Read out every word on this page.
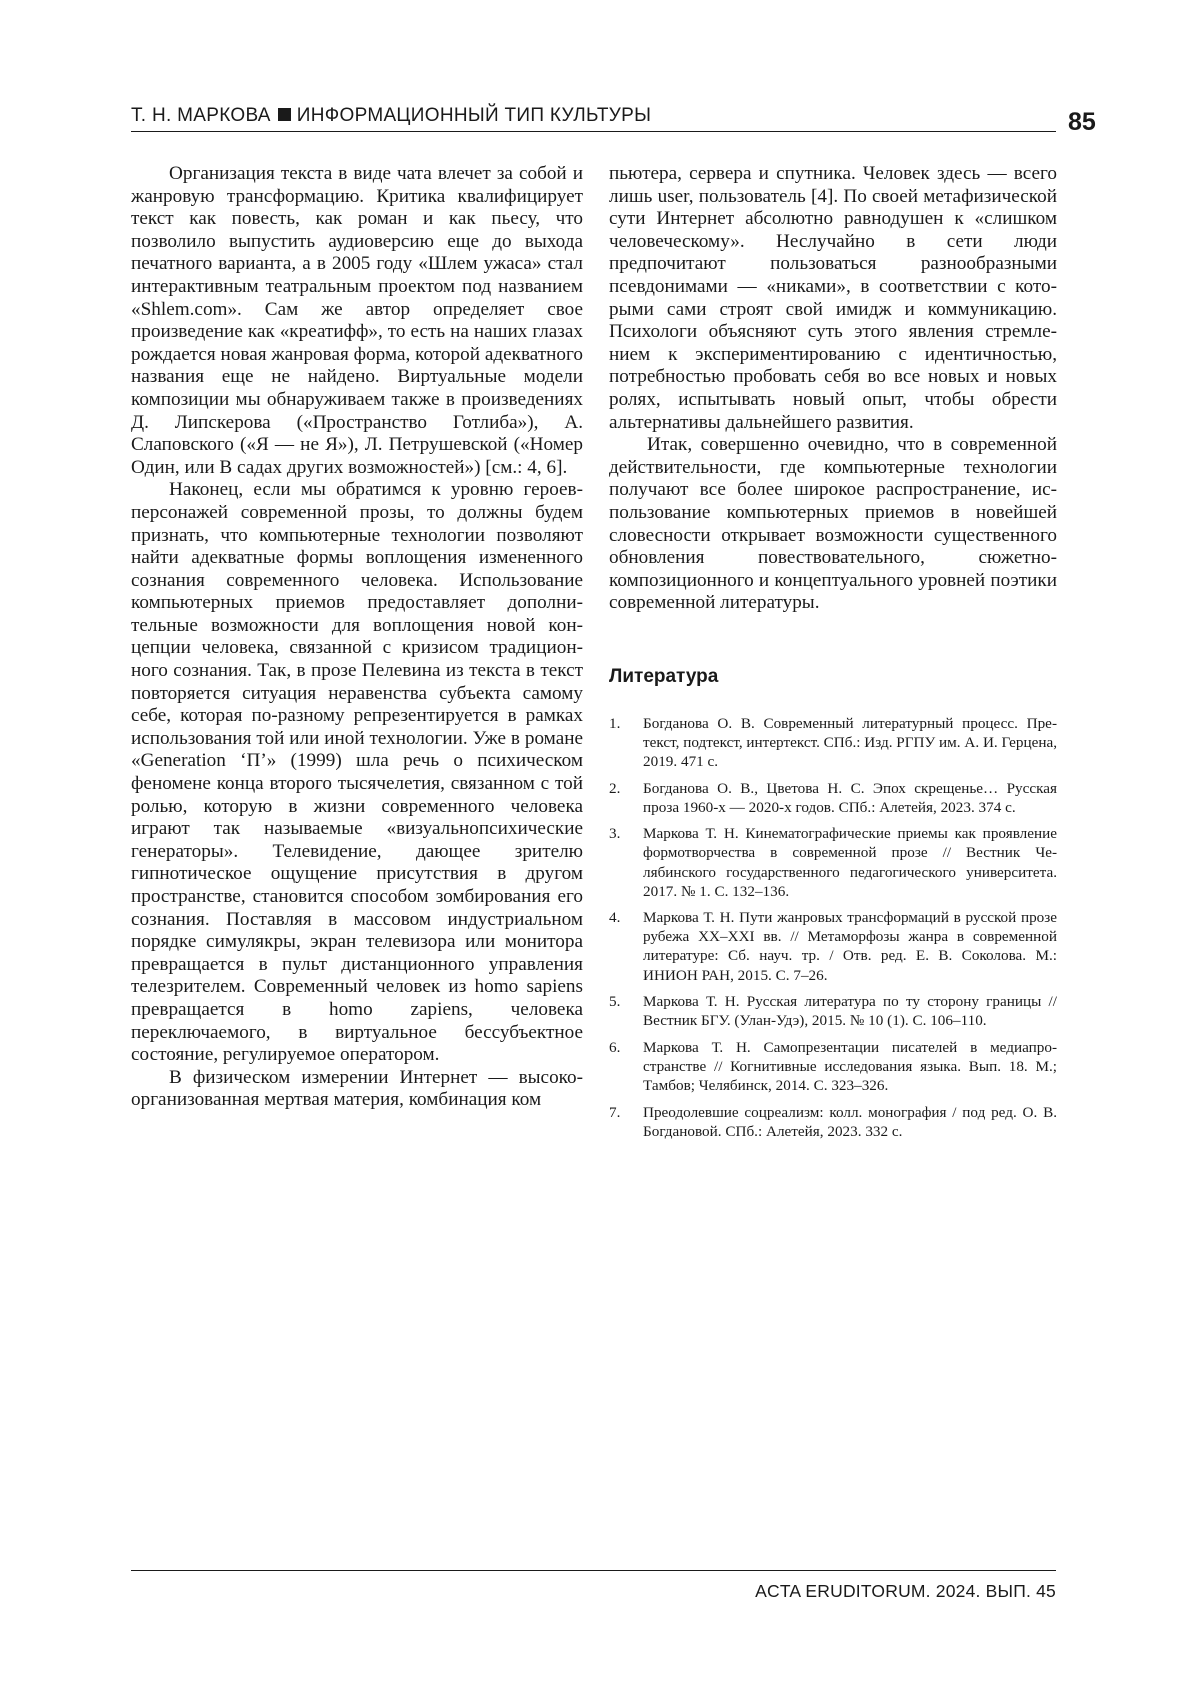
Т. Н. МАРКОВА ИНФОРМАЦИОННЫЙ ТИП КУЛЬТУРЫ	85

Организация текста в виде чата влечет за собой и жанровую трансформацию. Критика квалифици­рует текст как повесть, как роман и как пьесу, что позволило выпустить аудиоверсию еще до выхода печатного варианта, а в 2005 году «Шлем ужаса» стал интерактивным театральным проектом под названием «Shlem.com». Сам же автор определяет свое произведение как «креатифф», то есть на наших глазах рождается новая жанровая форма, которой адекватного названия еще не найдено. Виртуальные модели композиции мы обнаруживаем также в про­изведениях Д. Липскерова («Пространство Готлиба»), А. Слаповского («Я — не Я»), Л. Петрушевской («Номер Один, или В садах других возможностей») [см.: 4, 6].

Наконец, если мы обратимся к уровню героев­персонажей современной прозы, то должны будем признать, что компьютерные технологии позволяют найти адекватные формы воплощения измененного сознания современного человека. Использование компьютерных приемов предоставляет дополни­тельные возможности для воплощения новой кон­цепции человека, связанной с кризисом традицион­ного сознания. Так, в прозе Пелевина из текста в текст повторяется ситуация неравенства субъекта самому себе, которая по-разному репрезентируется в рамках использования той или иной технологии. Уже в романе «Generation ‘П’» (1999) шла речь о пси­хическом феномене конца второго тысячелетия, связанном с той ролью, которую в жизни современ­ного человека играют так называемые «визуально­психические генераторы». Телевидение, дающее зрителю гипнотическое ощущение присутствия в другом пространстве, становится способом зом­бирования его сознания. Поставляя в массовом индустриальном порядке симулякры, экран теле­визора или монитора превращается в пульт дистан­ционного управления телезрителем. Современный человек из homo sapiens превращается в homo zapiens, человека переключаемого, в виртуальное бессубъ­ектное состояние, регулируемое оператором.

В физическом измерении Интернет — высоко­организованная мертвая материя, комбинация ком­

пьютера, сервера и спутника. Человек здесь — все­го лишь user, пользователь [4]. По своей метафизи­ческой сути Интернет абсолютно равнодушен к «слишком человеческому». Неслучайно в сети люди предпочитают пользоваться разнообразными псевдонимами — «никами», в соответствии с кото­рыми сами строят свой имидж и коммуникацию. Психологи объясняют суть этого явления стремле­нием к экспериментированию с идентичностью, потребностью пробовать себя во все новых и новых ролях, испытывать новый опыт, чтобы обрести альтернативы дальнейшего развития.

Итак, совершенно очевидно, что в современной действительности, где компьютерные технологии получают все более широкое распространение, ис­пользование компьютерных приемов в новейшей словесности открывает возможности существенно­го обновления повествовательного, сюжетно­композиционного и концептуального уровней поэти­ки современной литературы.

Литература
1. Богданова О. В. Современный литературный процесс. Пре­текст, подтекст, интертекст. СПб.: Изд. РГПУ им. А. И. Гер­цена, 2019. 471 с.
2. Богданова О. В., Цветова Н. С. Эпох скрещенье… Русская проза 1960-х — 2020-х годов. СПб.: Алетейя, 2023. 374 с.
3. Маркова Т. Н. Кинематографические приемы как проявле­ние формотворчества в современной прозе // Вестник Че­лябинского государственного педагогического универси­тета. 2017. № 1. С. 132–136.
4. Маркова Т. Н. Пути жанровых трансформаций в русской прозе рубежа XX–XXI вв. // Метаморфозы жанра в совре­менной литературе: Сб. науч. тр. / Отв. ред. Е. В. Соколова. М.: ИНИОН РАН, 2015. С. 7–26.
5. Маркова Т. Н. Русская литература по ту сторону границы // Вестник БГУ. (Улан-Удэ), 2015. № 10 (1). С. 106–110.
6. Маркова Т. Н. Самопрезентации писателей в медиапро­странстве // Когнитивные исследования языка. Вып. 18. М.; Тамбов; Челябинск, 2014. С. 323–326.
7. Преодолевшие соцреализм: колл. монография / под ред. О. В. Богдановой. СПб.: Алетейя, 2023. 332 с.
ACTA ERUDITORUM. 2024. ВЫП. 45
